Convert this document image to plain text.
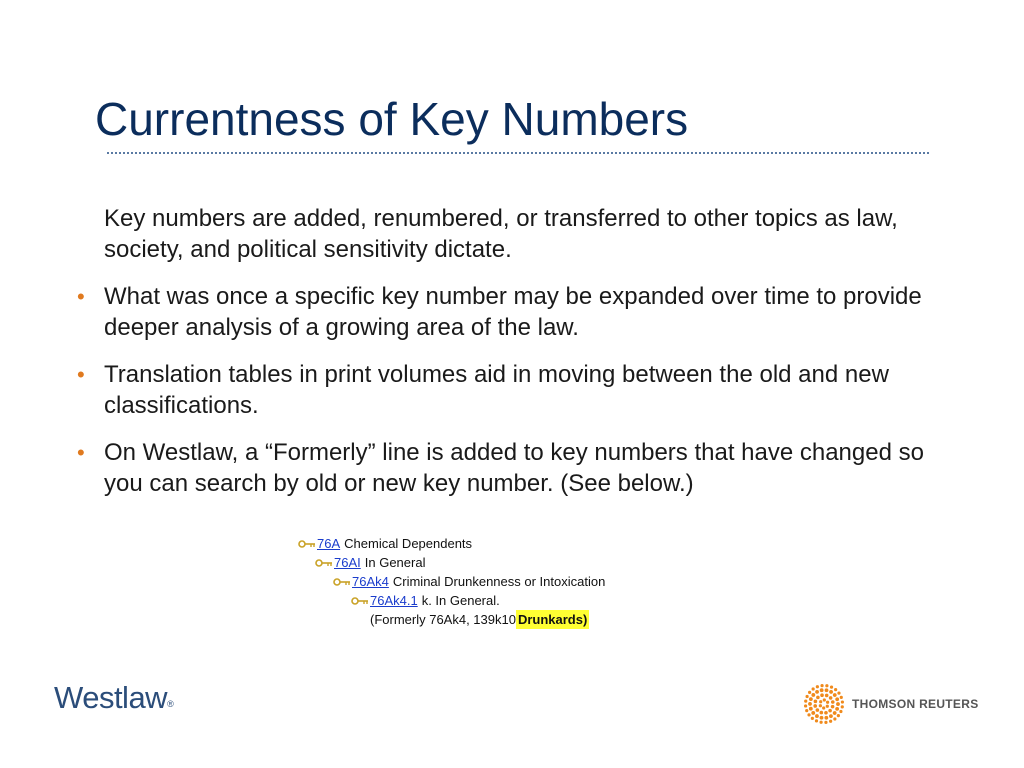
Currentness of Key Numbers
Key numbers are added, renumbered, or transferred to other topics as law, society, and political sensitivity dictate.
• What was once a specific key number may be expanded over time to provide deeper analysis of a growing area of the law.
• Translation tables in print volumes aid in moving between the old and new classifications.
• On Westlaw, a “Formerly” line is added to key numbers that have changed so you can search by old or new key number. (See below.)
76A Chemical Dependents
76AI In General
76Ak4 Criminal Drunkenness or Intoxication
76Ak4.1 k. In General.
(Formerly 76Ak4, 139k10 Drunkards)
Westlaw®	THOMSON REUTERS
